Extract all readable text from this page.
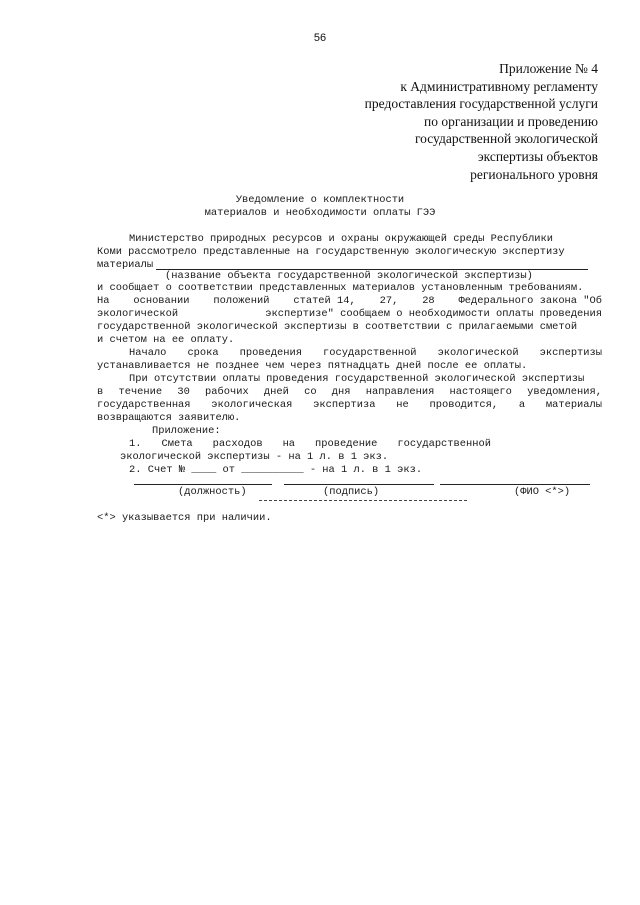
56
Приложение № 4
к Административному регламенту
предоставления государственной услуги
по организации и проведению
государственной экологической
экспертизы объектов
регионального уровня
Уведомление о комплектности
материалов и необходимости оплаты ГЭЭ
Министерство природных ресурсов и охраны окружающей среды Республики
Коми рассмотрело представленные на государственную экологическую экспертизу
материалы
(название объекта государственной экологической экспертизы)
и сообщает о соответствии представленных материалов установленным требованиям.
На основании положений статей 14, 27, 28 Федерального закона "Об
экологической	экспертизе" сообщаем о необходимости оплаты проведения
государственной экологической экспертизы в соответствии с прилагаемыми сметой
и счетом на ее оплату.
Начало срока проведения государственной экологической экспертизы
устанавливается не позднее чем через пятнадцать дней после ее оплаты.
При отсутствии оплаты проведения государственной экологической экспертизы
в течение 30 рабочих дней со дня направления настоящего уведомления,
государственная экологическая экспертиза не проводится, а материалы
возвращаются заявителю.
Приложение:
1. Смета расходов на проведение государственной
экологической экспертизы - на 1 л. в 1 экз.
2. Счет № ____ от __________ - на 1 л. в 1 экз.
(должность)	(подпись)	(ФИО <*>)
<*> указывается при наличии.
